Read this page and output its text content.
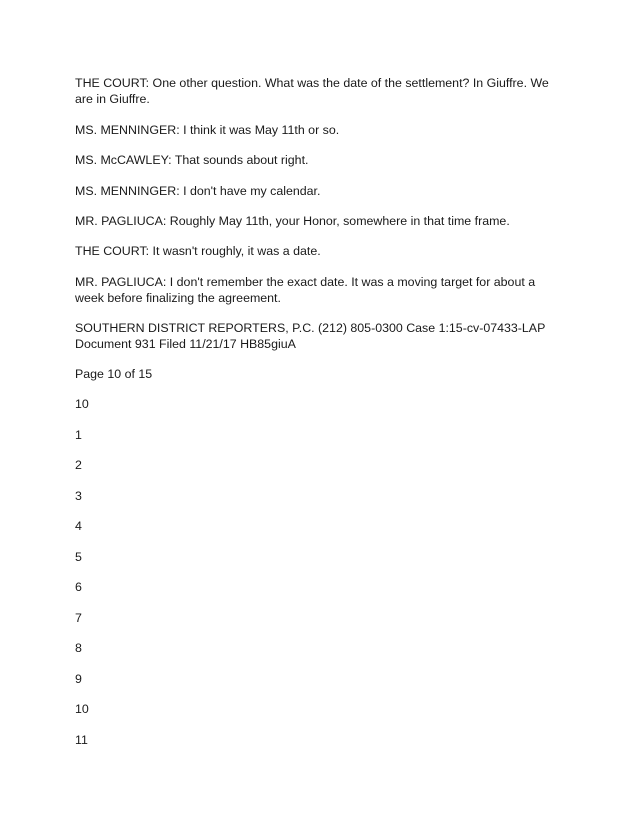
THE COURT: One other question. What was the date of the settlement? In Giuffre. We are in Giuffre.

MS. MENNINGER: I think it was May 11th or so.

MS. McCAWLEY: That sounds about right.

MS. MENNINGER: I don't have my calendar.

MR. PAGLIUCA: Roughly May 11th, your Honor, somewhere in that time frame.

THE COURT: It wasn't roughly, it was a date.

MR. PAGLIUCA: I don't remember the exact date. It was a moving target for about a week before finalizing the agreement.

SOUTHERN DISTRICT REPORTERS, P.C. (212) 805-0300 Case 1:15-cv-07433-LAP Document 931 Filed 11/21/17 HB85giuA

Page 10 of 15

10

1

2

3

4

5

6

7

8

9

10

11
